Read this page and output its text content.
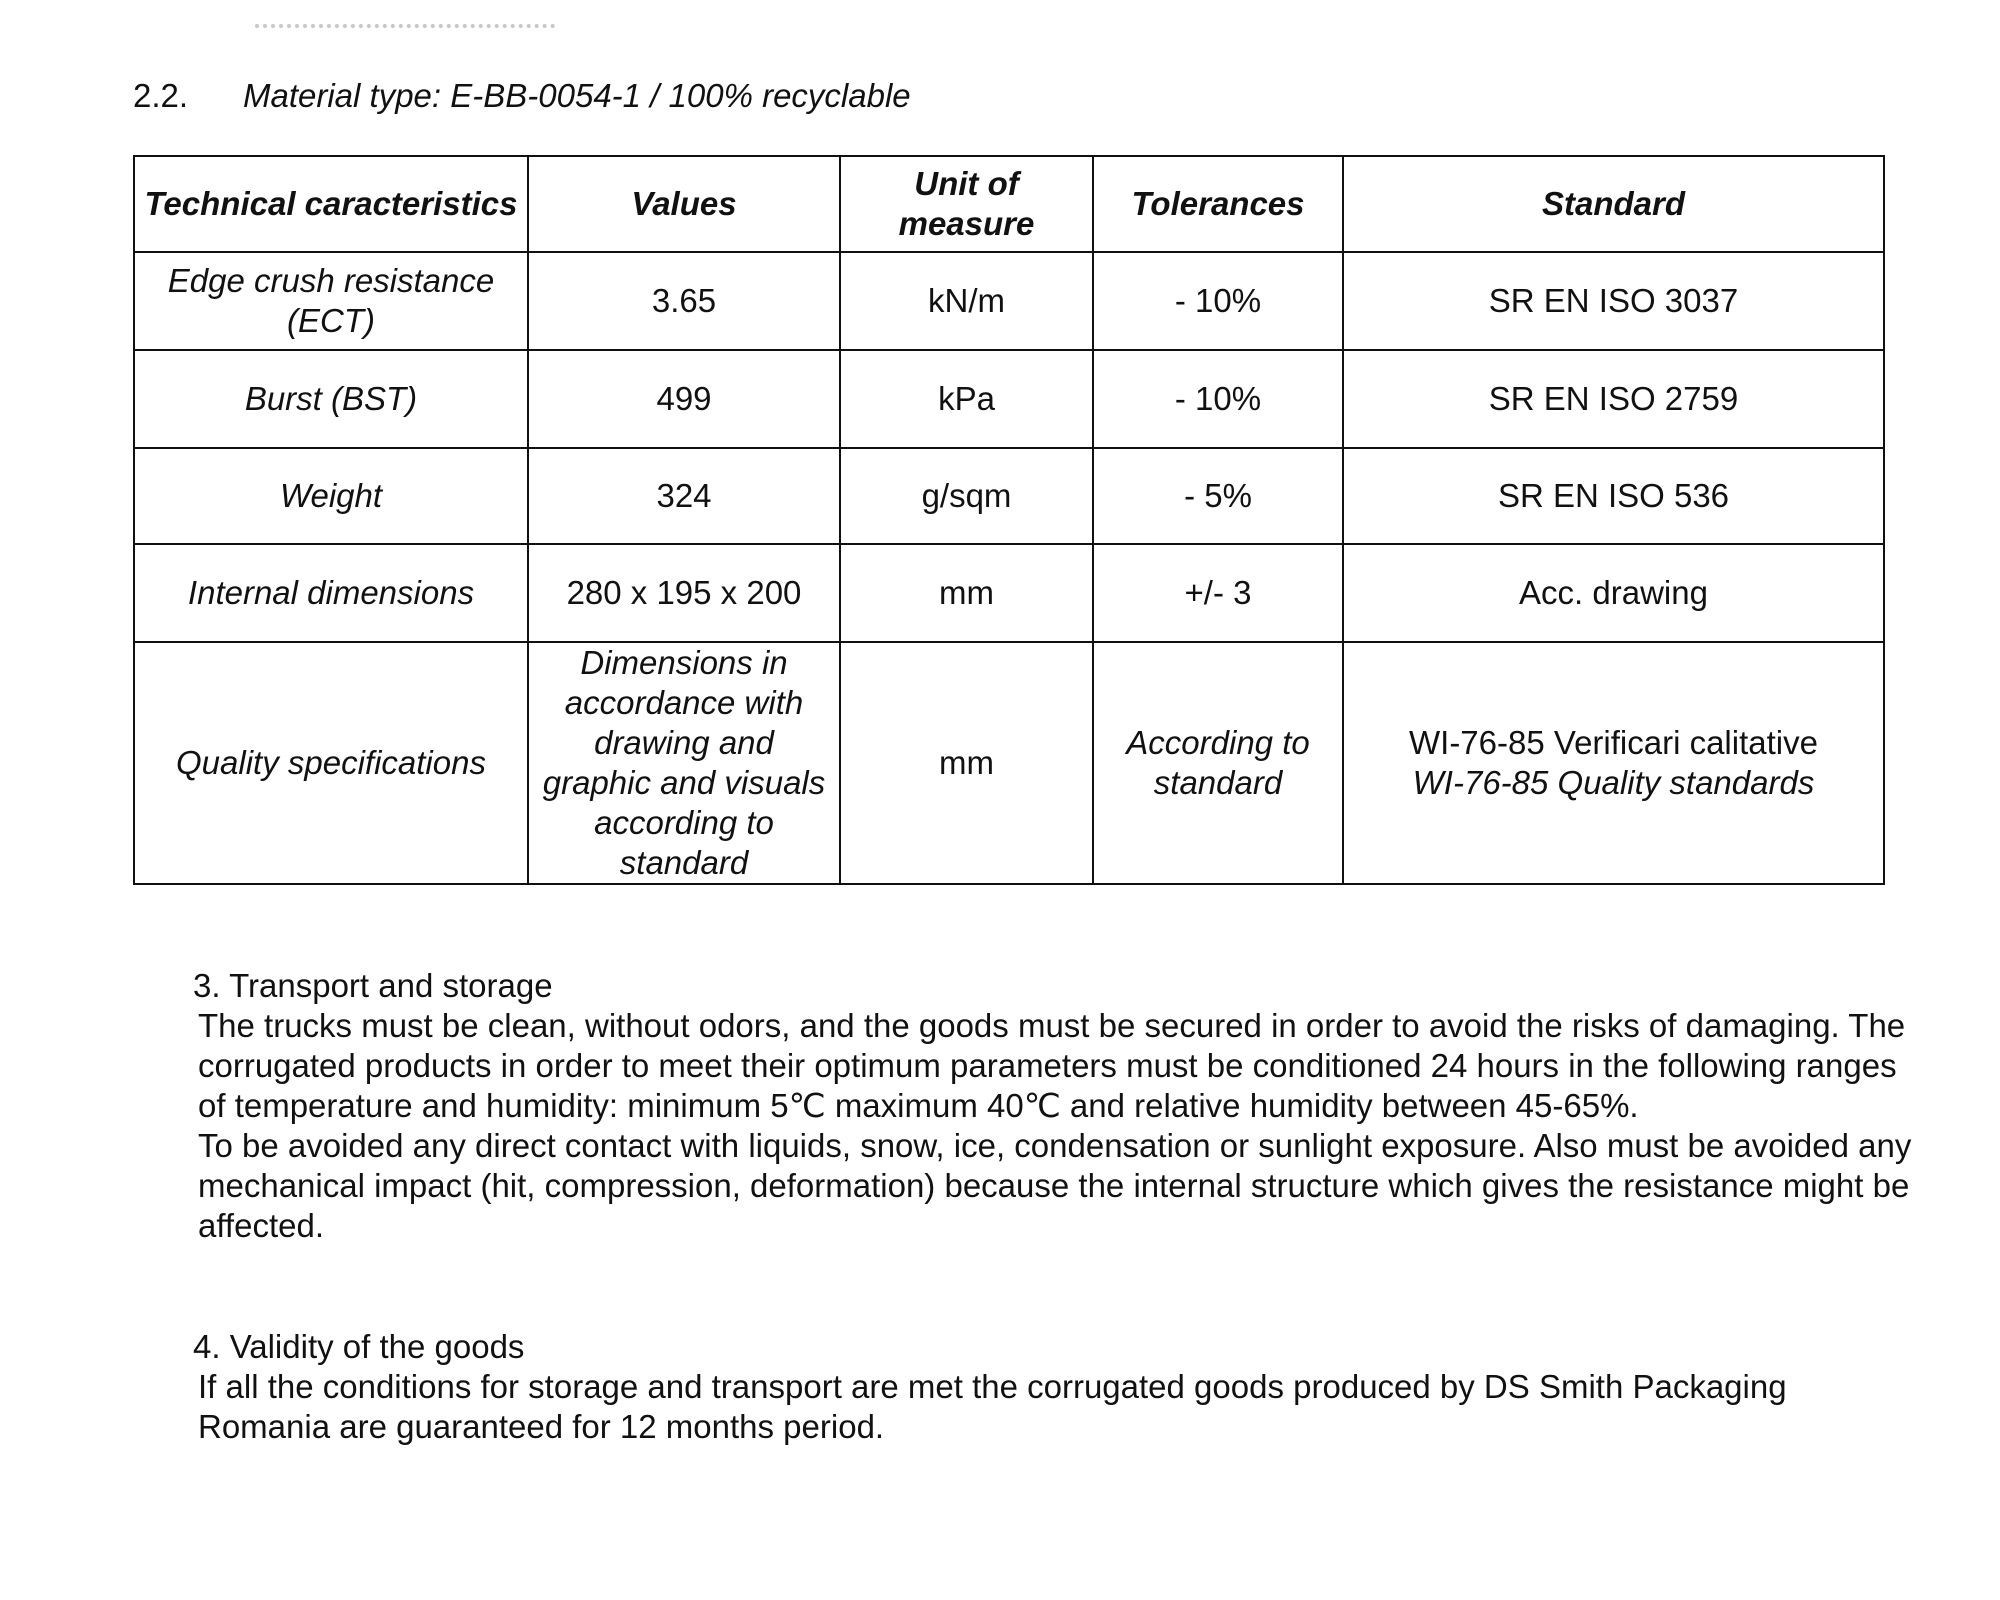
2.2. Material type: E-BB-0054-1 / 100% recyclable
Technical caracteristics	Values	Unit of measure	Tolerances	Standard
Edge crush resistance (ECT)	3.65	kN/m	- 10%	SR EN ISO 3037
Burst (BST)	499	kPa	- 10%	SR EN ISO 2759
Weight	324	g/sqm	- 5%	SR EN ISO 536
Internal dimensions	280 x 195 x 200	mm	+/- 3	Acc. drawing
Quality specifications	Dimensions in accordance with drawing and graphic and visuals according to standard	mm	According to standard	WI-76-85 Verificari calitative
WI-76-85 Quality standards
3. Transport and storage

The trucks must be clean, without odors, and the goods must be secured in order to avoid the risks of damaging. The corrugated products in order to meet their optimum parameters must be conditioned 24 hours in the following ranges of temperature and humidity: minimum 5℃ maximum 40℃ and relative humidity between 45-65%.

To be avoided any direct contact with liquids, snow, ice, condensation or sunlight exposure. Also must be avoided any mechanical impact (hit, compression, deformation) because the internal structure which gives the resistance might be affected.

4. Validity of the goods

If all the conditions for storage and transport are met the corrugated goods produced by DS Smith Packaging Romania are guaranteed for 12 months period.
